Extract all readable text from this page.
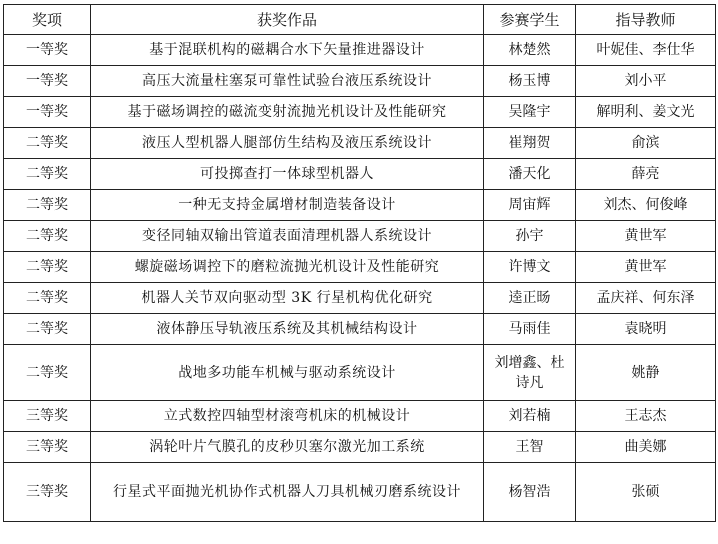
奖项	获奖作品	参赛学生	指导教师
一等奖	基于混联机构的磁耦合水下矢量推进器设计	林楚然	叶妮佳、李仕华
一等奖	高压大流量柱塞泵可靠性试验台液压系统设计	杨玉博	刘小平
一等奖	基于磁场调控的磁流变射流抛光机设计及性能研究	吴隆宇	解明利、姜文光
二等奖	液压人型机器人腿部仿生结构及液压系统设计	崔翔贺	俞滨
二等奖	可投掷查打一体球型机器人	潘天化	薛亮
二等奖	一种无支持金属增材制造装备设计	周宙辉	刘杰、何俊峰
二等奖	变径同轴双输出管道表面清理机器人系统设计	孙宇	黄世军
二等奖	螺旋磁场调控下的磨粒流抛光机设计及性能研究	许博文	黄世军
二等奖	机器人关节双向驱动型 3K 行星机构优化研究	逵正旸	孟庆祥、何东泽
二等奖	液体静压导轨液压系统及其机械结构设计	马雨佳	袁晓明
二等奖	战地多功能车机械与驱动系统设计	刘增鑫、杜诗凡	姚静
三等奖	立式数控四轴型材滚弯机床的机械设计	刘若楠	王志杰
三等奖	涡轮叶片气膜孔的皮秒贝塞尔激光加工系统	王智	曲美娜
三等奖	行星式平面抛光机协作式机器人刀具机械刃磨系统设计	杨智浩	张硕
